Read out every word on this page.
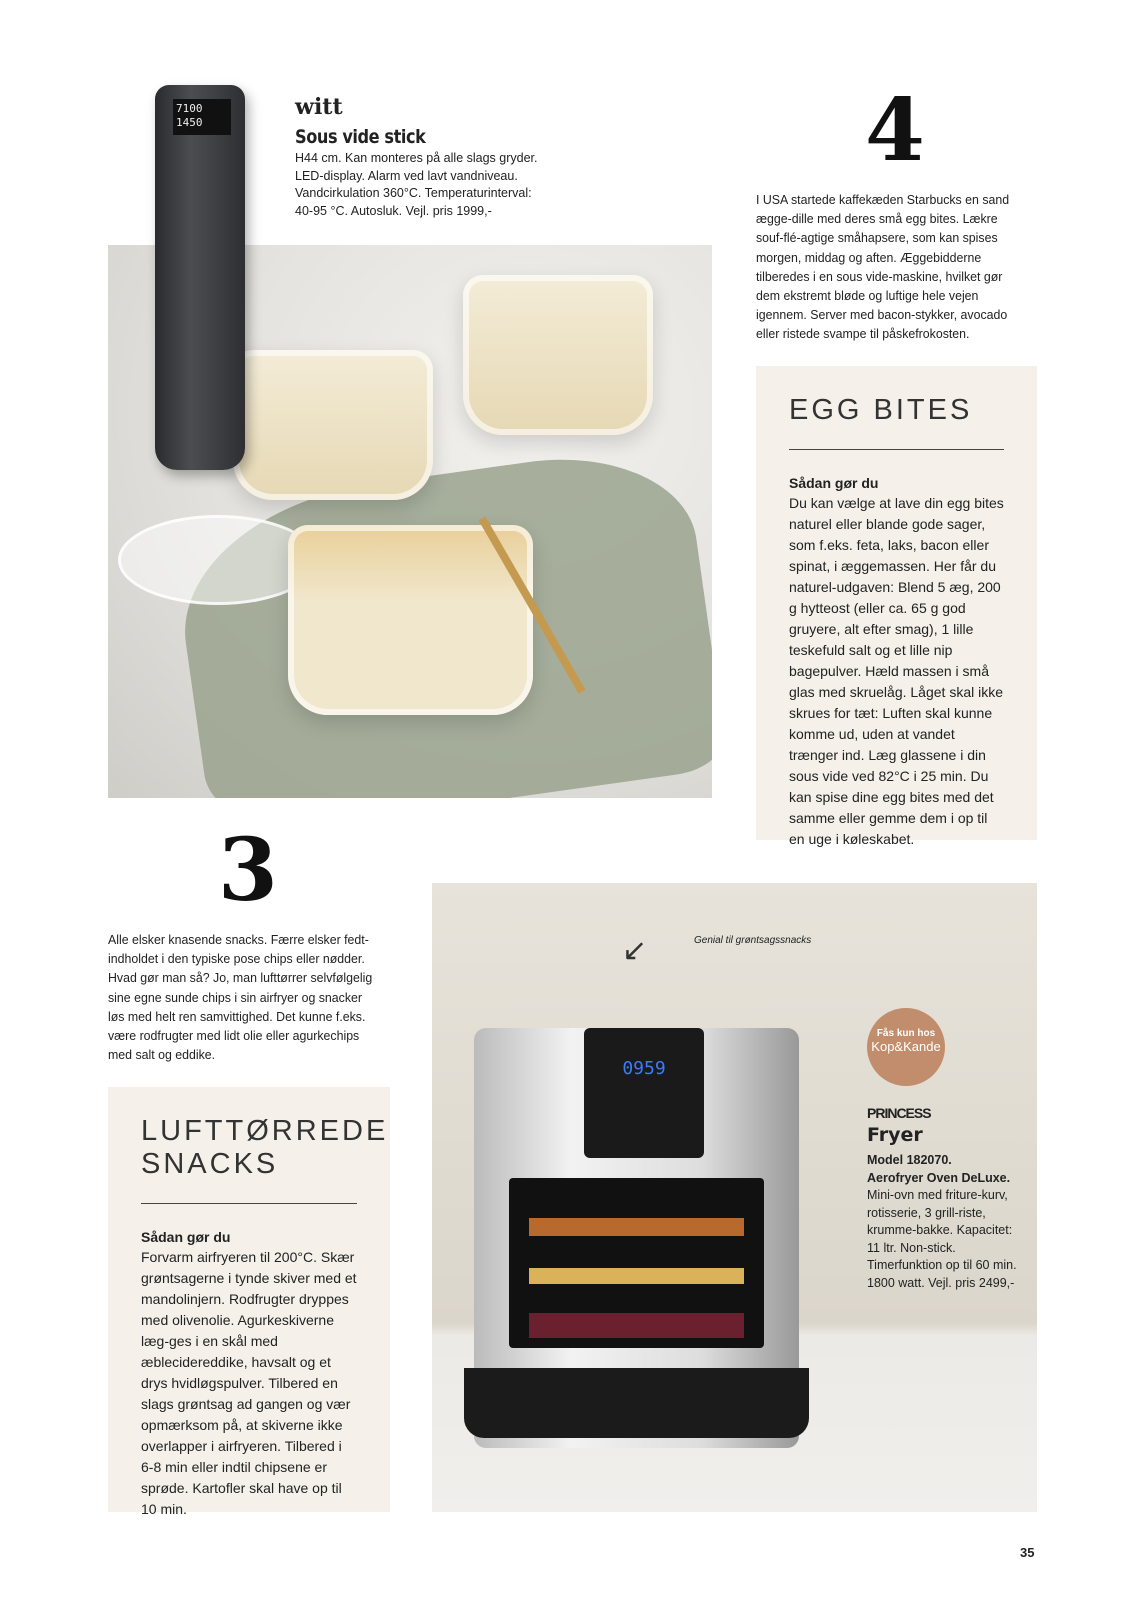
7100
1450
witt
Sous vide stick
H44 cm. Kan monteres på alle slags gryder. LED-display. Alarm ved lavt vandniveau. Vandcirkulation 360°C. Temperaturinterval: 40-95 °C. Autosluk. Vejl. pris 1999,-
4
I USA startede kaffekæden Starbucks en sand ægge-dille med deres små egg bites. Lækre souf-flé-agtige småhapsere, som kan spises morgen, middag og aften. Æggebidderne tilberedes i en sous vide-maskine, hvilket gør dem ekstremt bløde og luftige hele vejen igennem. Server med bacon-stykker, avocado eller ristede svampe til påskefrokosten.
EGG BITES
Sådan gør du

Du kan vælge at lave din egg bites naturel eller blande gode sager, som f.eks. feta, laks, bacon eller spinat, i æggemassen. Her får du naturel-udgaven: Blend 5 æg, 200 g hytteost (eller ca. 65 g god gruyere, alt efter smag), 1 lille teskefuld salt og et lille nip bagepulver. Hæld massen i små glas med skruelåg. Låget skal ikke skrues for tæt: Luften skal kunne komme ud, uden at vandet trænger ind. Læg glassene i din sous vide ved 82°C i 25 min. Du kan spise dine egg bites med det samme eller gemme dem i op til en uge i køleskabet.

3
Alle elsker knasende snacks. Færre elsker fedt-indholdet i den typiske pose chips eller nødder. Hvad gør man så? Jo, man lufttørrer selvfølgelig sine egne sunde chips i sin airfryer og snacker løs med helt ren samvittighed. Det kunne f.eks. være rodfrugter med lidt olie eller agurkechips med salt og eddike.
LUFTTØRREDE SNACKS
Sådan gør du

Forvarm airfryeren til 200°C. Skær grøntsagerne i tynde skiver med et mandolinjern. Rodfrugter dryppes med olivenolie. Agurkeskiverne læg-ges i en skål med æblecidereddike, havsalt og et drys hvidløgspulver. Tilbered en slags grøntsag ad gangen og vær opmærksom på, at skiverne ikke overlapper i airfryeren. Tilbered i 6-8 min eller indtil chipsene er sprøde. Kartofler skal have op til 10 min.

Genial til grøntsagssnacks
↙
0959
Fås kun hos
Kop&Kande
PRINCESS
Fryer
Model 182070.
Aerofryer Oven DeLuxe.
Mini-ovn med friture-kurv, rotisserie, 3 grill-riste, krumme-bakke. Kapacitet: 11 ltr. Non-stick. Timerfunktion op til 60 min. 1800 watt. Vejl. pris 2499,-
35
